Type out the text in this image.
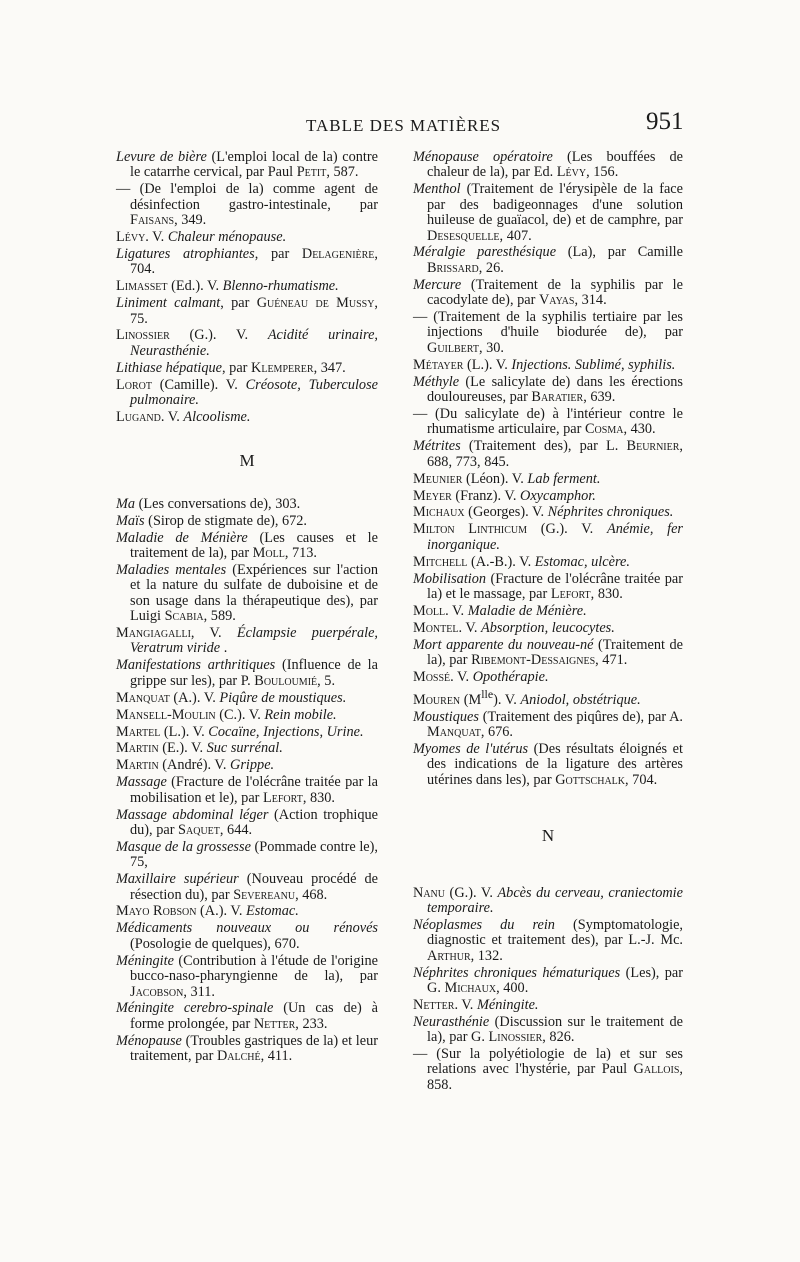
TABLE DES MATIÈRES	951
Levure de bière (L'emploi local de la) contre le catarrhe cervical, par Paul Petit, 587.
— (De l'emploi de la) comme agent de désinfection gastro-intestinale, par Faisans, 349.
Lévy. V. Chaleur ménopause.
Ligatures atrophiantes, par Delagenière, 704.
Limasset (Ed.). V. Blenno-rhumatisme.
Liniment calmant, par Guéneau de Mussy, 75.
Linossier (G.). V. Acidité urinaire, Neurasthénie.
Lithiase hépatique, par Klemperer, 347.
Lorot (Camille). V. Créosote, Tuberculose pulmonaire.
Lugand. V. Alcoolisme.
M
Ma (Les conversations de), 303.
Maïs (Sirop de stigmate de), 672.
Maladie de Ménière (Les causes et le traitement de la), par Moll, 713.
Maladies mentales (Expériences sur l'action et la nature du sulfate de duboisine et de son usage dans la thérapeutique des), par Luigi Scabia, 589.
Mangiagalli, V. Éclampsie puerpérale, Veratrum viride .
Manifestations arthritiques (Influence de la grippe sur les), par P. Bouloumié, 5.
Manquat (A.). V. Piqûre de moustiques.
Mansell-Moulin (C.). V. Rein mobile.
Martel (L.). V. Cocaïne, Injections, Urine.
Martin (E.). V. Suc surrénal.
Martin (André). V. Grippe.
Massage (Fracture de l'olécrâne traitée par la mobilisation et le), par Lefort, 830.
Massage abdominal léger (Action trophique du), par Saquet, 644.
Masque de la grossesse (Pommade contre le), 75,
Maxillaire supérieur (Nouveau procédé de résection du), par Severeanu, 468.
Mayo Robson (A.). V. Estomac.
Médicaments nouveaux ou rénovés (Posologie de quelques), 670.
Méningite (Contribution à l'étude de l'origine bucco-naso-pharyngienne de la), par Jacobson, 311.
Méningite cerebro-spinale (Un cas de) à forme prolongée, par Netter, 233.
Ménopause (Troubles gastriques de la) et leur traitement, par Dalché, 411.
Ménopause opératoire (Les bouffées de chaleur de la), par Ed. Lévy, 156.
Menthol (Traitement de l'érysipèle de la face par des badigeonnages d'une solution huileuse de guaïacol, de) et de camphre, par Desesquelle, 407.
Méralgie paresthésique (La), par Camille Brissard, 26.
Mercure (Traitement de la syphilis par le cacodylate de), par Vayas, 314.
— (Traitement de la syphilis tertiaire par les injections d'huile biodurée de), par Guilbert, 30.
Métayer (L.). V. Injections. Sublimé, syphilis.
Méthyle (Le salicylate de) dans les érections douloureuses, par Baratier, 639.
— (Du salicylate de) à l'intérieur contre le rhumatisme articulaire, par Cosma, 430.
Métrites (Traitement des), par L. Beurnier, 688, 773, 845.
Meunier (Léon). V. Lab ferment.
Meyer (Franz). V. Oxycamphor.
Michaux (Georges). V. Néphrites chroniques.
Milton Linthicum (G.). V. Anémie, fer inorganique.
Mitchell (A.-B.). V. Estomac, ulcère.
Mobilisation (Fracture de l'olécrâne traitée par la) et le massage, par Lefort, 830.
Moll. V. Maladie de Ménière.
Montel. V. Absorption, leucocytes.
Mort apparente du nouveau-né (Traitement de la), par Ribemont-Dessaignes, 471.
Mossé. V. Opothérapie.
Mouren $(M^{lle})$. V. Aniodol, obstétrique.
Moustiques (Traitement des piqûres de), par A. Manquat, 676.
Myomes de l'utérus (Des résultats éloignés et des indications de la ligature des artères utérines dans les), par Gottschalk, 704.
N
Nanu (G.). V. Abcès du cerveau, craniectomie temporaire.
Néoplasmes du rein (Symptomatologie, diagnostic et traitement des), par L.-J. Mc. Arthur, 132.
Néphrites chroniques hématuriques (Les), par G. Michaux, 400.
Netter. V. Méningite.
Neurasthénie (Discussion sur le traitement de la), par G. Linossier, 826.
— (Sur la polyétiologie de la) et sur ses relations avec l'hystérie, par Paul Gallois, 858.
